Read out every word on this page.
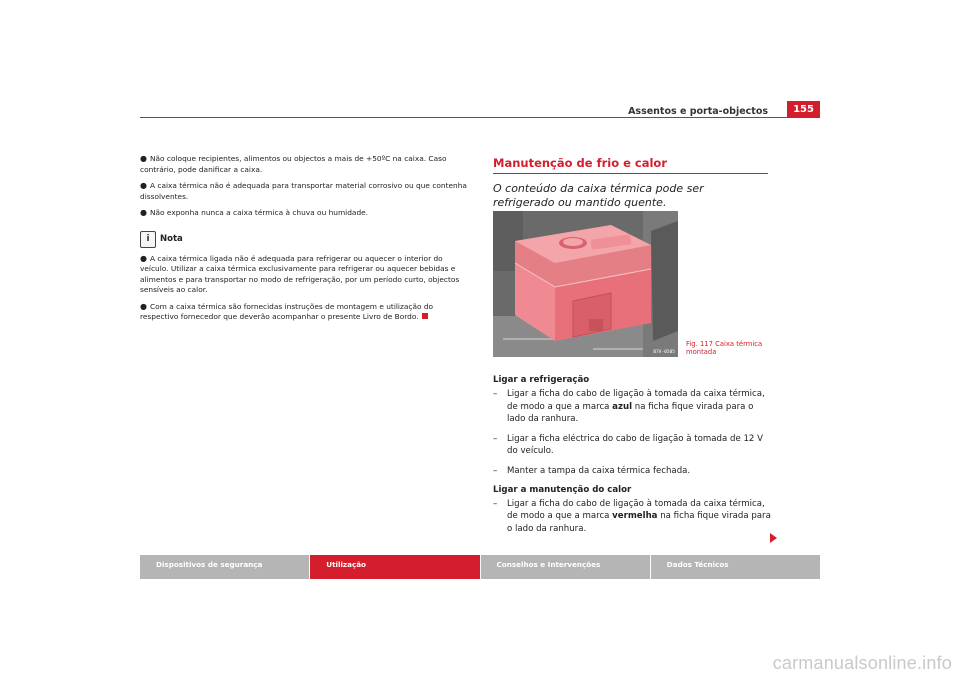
Assentos e porta-objectos	155

● Não coloque recipientes, alimentos ou objectos a mais de +50ºC na caixa. Caso contrário, pode danificar a caixa.

● A caixa térmica não é adequada para transportar material corrosivo ou que contenha dissolventes.

● Não exponha nunca a caixa térmica à chuva ou humidade.

i	Nota

● A caixa térmica ligada não é adequada para refrigerar ou aquecer o interior do veículo. Utilizar a caixa térmica exclusivamente para refrigerar ou aquecer bebidas e alimentos e para transportar no modo de refrigeração, por um período curto, objectos sensíveis ao calor.

● Com a caixa térmica são fornecidas instruções de montagem e utilização do respectivo fornecedor que deverão acompanhar o presente Livro de Bordo.

Manutenção de frio e calor
O conteúdo da caixa térmica pode ser refrigerado ou mantido quente.
B7V-0505
Fig. 117 Caixa térmica montada
Ligar a refrigeração
– Ligar a ficha do cabo de ligação à tomada da caixa térmica, de modo a que a marca azul na ficha fique virada para o lado da ranhura.
– Ligar a ficha eléctrica do cabo de ligação à tomada de 12 V do veículo.
– Manter a tampa da caixa térmica fechada.
Ligar a manutenção do calor
– Ligar a ficha do cabo de ligação à tomada da caixa térmica, de modo a que a marca vermelha na ficha fique virada para o lado da ranhura.
Dispositivos de segurança	Utilização	Conselhos e Intervenções	Dados Técnicos
carmanualsonline.info
